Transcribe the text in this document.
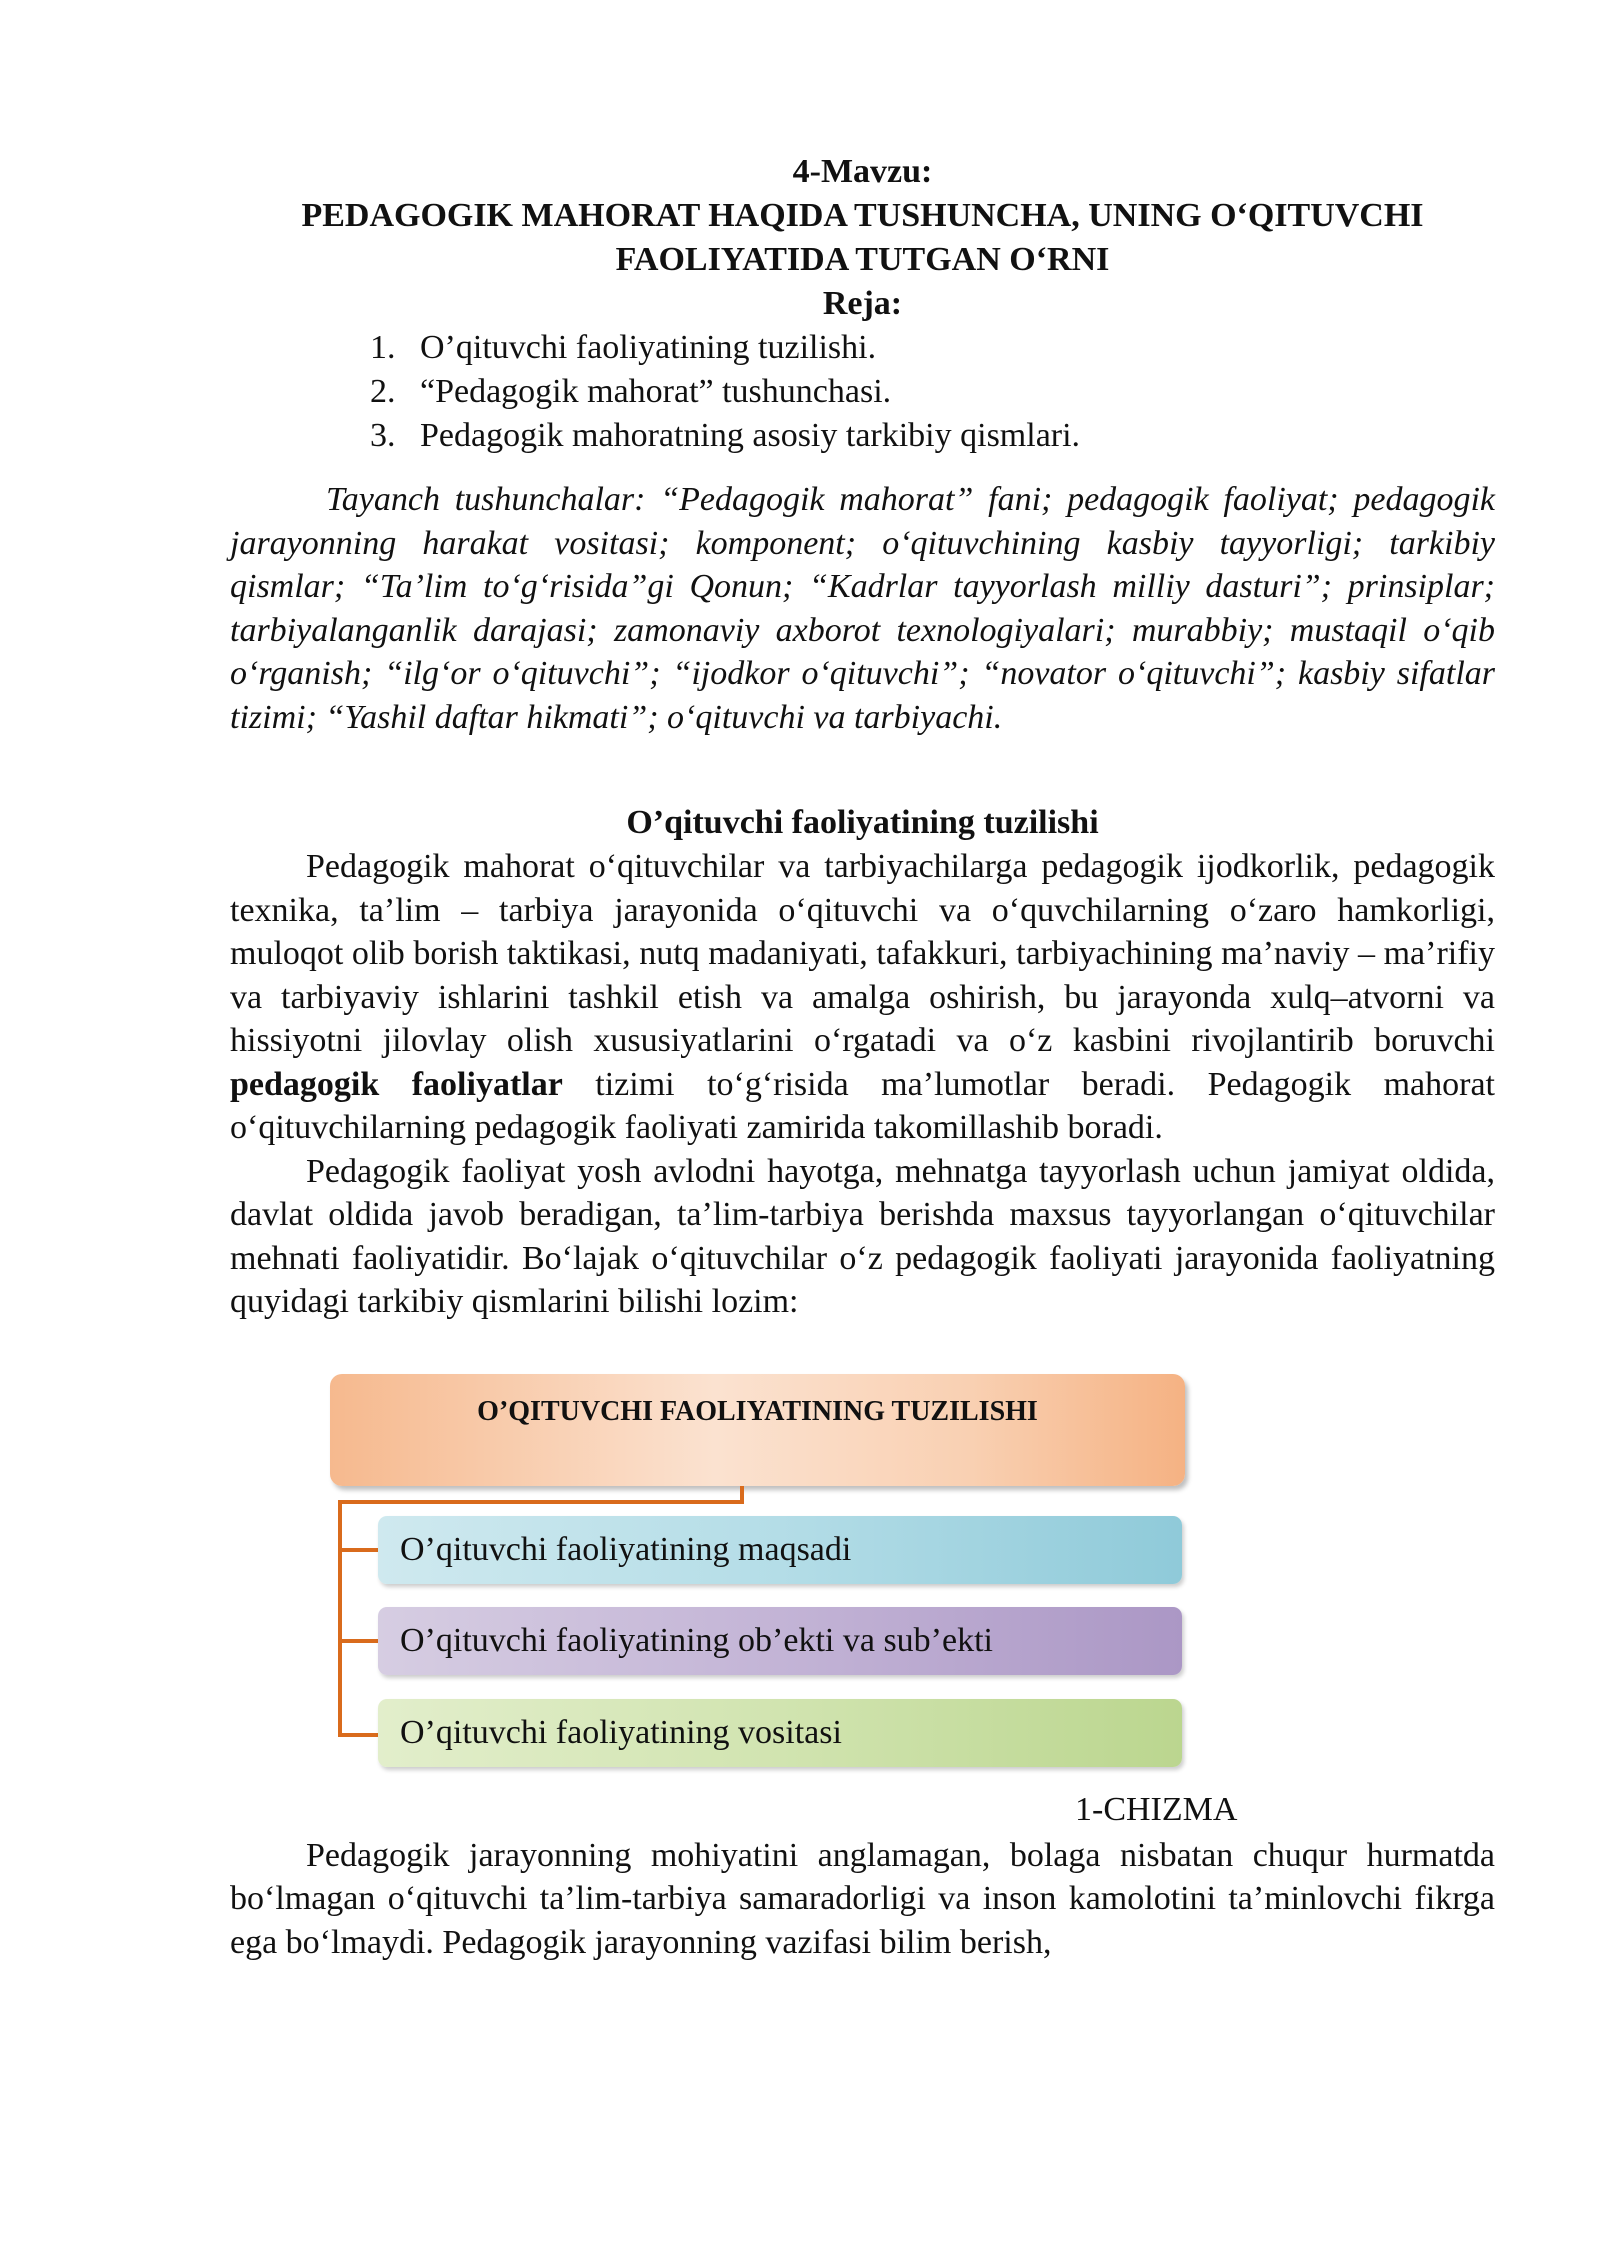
4-Mavzu:

PEDAGOGIK MAHORAT HAQIDA TUSHUNCHA, UNING O‘QITUVCHI

FAOLIYATIDA TUTGAN O‘RNI

Reja:

1. O’qituvchi faoliyatining tuzilishi.
2. “Pedagogik mahorat” tushunchasi.
3. Pedagogik mahoratning asosiy tarkibiy qismlari.

Tayanch tushunchalar: “Pedagogik mahorat” fani; pedagogik faoliyat; pedagogik jarayonning harakat vositasi; komponent; o‘qituvchining kasbiy tayyorligi; tarkibiy qismlar; “Ta’lim to‘g‘risida”gi Qonun; “Kadrlar tayyorlash milliy dasturi”; prinsiplar; tarbiyalanganlik darajasi; zamonaviy axborot texnologiyalari; murabbiy; mustaqil o‘qib o‘rganish; “ilg‘or o‘qituvchi”; “ijodkor o‘qituvchi”; “novator o‘qituvchi”; kasbiy sifatlar tizimi; “Yashil daftar hikmati”; o‘qituvchi va tarbiyachi.

O’qituvchi faoliyatining tuzilishi

Pedagogik mahorat o‘qituvchilar va tarbiyachilarga pedagogik ijodkorlik, pedagogik texnika, ta’lim – tarbiya jarayonida o‘qituvchi va o‘quvchilarning o‘zaro hamkorligi, muloqot olib borish taktikasi, nutq madaniyati, tafakkuri, tarbiyachining ma’naviy – ma’rifiy va tarbiyaviy ishlarini tashkil etish va amalga oshirish, bu jarayonda xulq–atvorni va hissiyotni jilovlay olish xususiyatlarini o‘rgatadi va o‘z kasbini rivojlantirib boruvchi pedagogik faoliyatlar tizimi to‘g‘risida ma’lumotlar beradi. Pedagogik mahorat o‘qituvchilarning pedagogik faoliyati zamirida takomillashib boradi.

Pedagogik faoliyat yosh avlodni hayotga, mehnatga tayyorlash uchun jamiyat oldida, davlat oldida javob beradigan, ta’lim-tarbiya berishda maxsus tayyorlangan o‘qituvchilar mehnati faoliyatidir. Bo‘lajak o‘qituvchilar o‘z pedagogik faoliyati jarayonida faoliyatning quyidagi tarkibiy qismlarini bilishi lozim:

O’QITUVCHI FAOLIYATINING TUZILISHI
O’qituvchi faoliyatining maqsadi
O’qituvchi faoliyatining ob’ekti va sub’ekti
O’qituvchi faoliyatining vositasi
1-CHIZMA

Pedagogik jarayonning mohiyatini anglamagan, bolaga nisbatan chuqur hurmatda bo‘lmagan o‘qituvchi ta’lim-tarbiya samaradorligi va inson kamolotini ta’minlovchi fikrga ega bo‘lmaydi. Pedagogik jarayonning vazifasi bilim berish,
